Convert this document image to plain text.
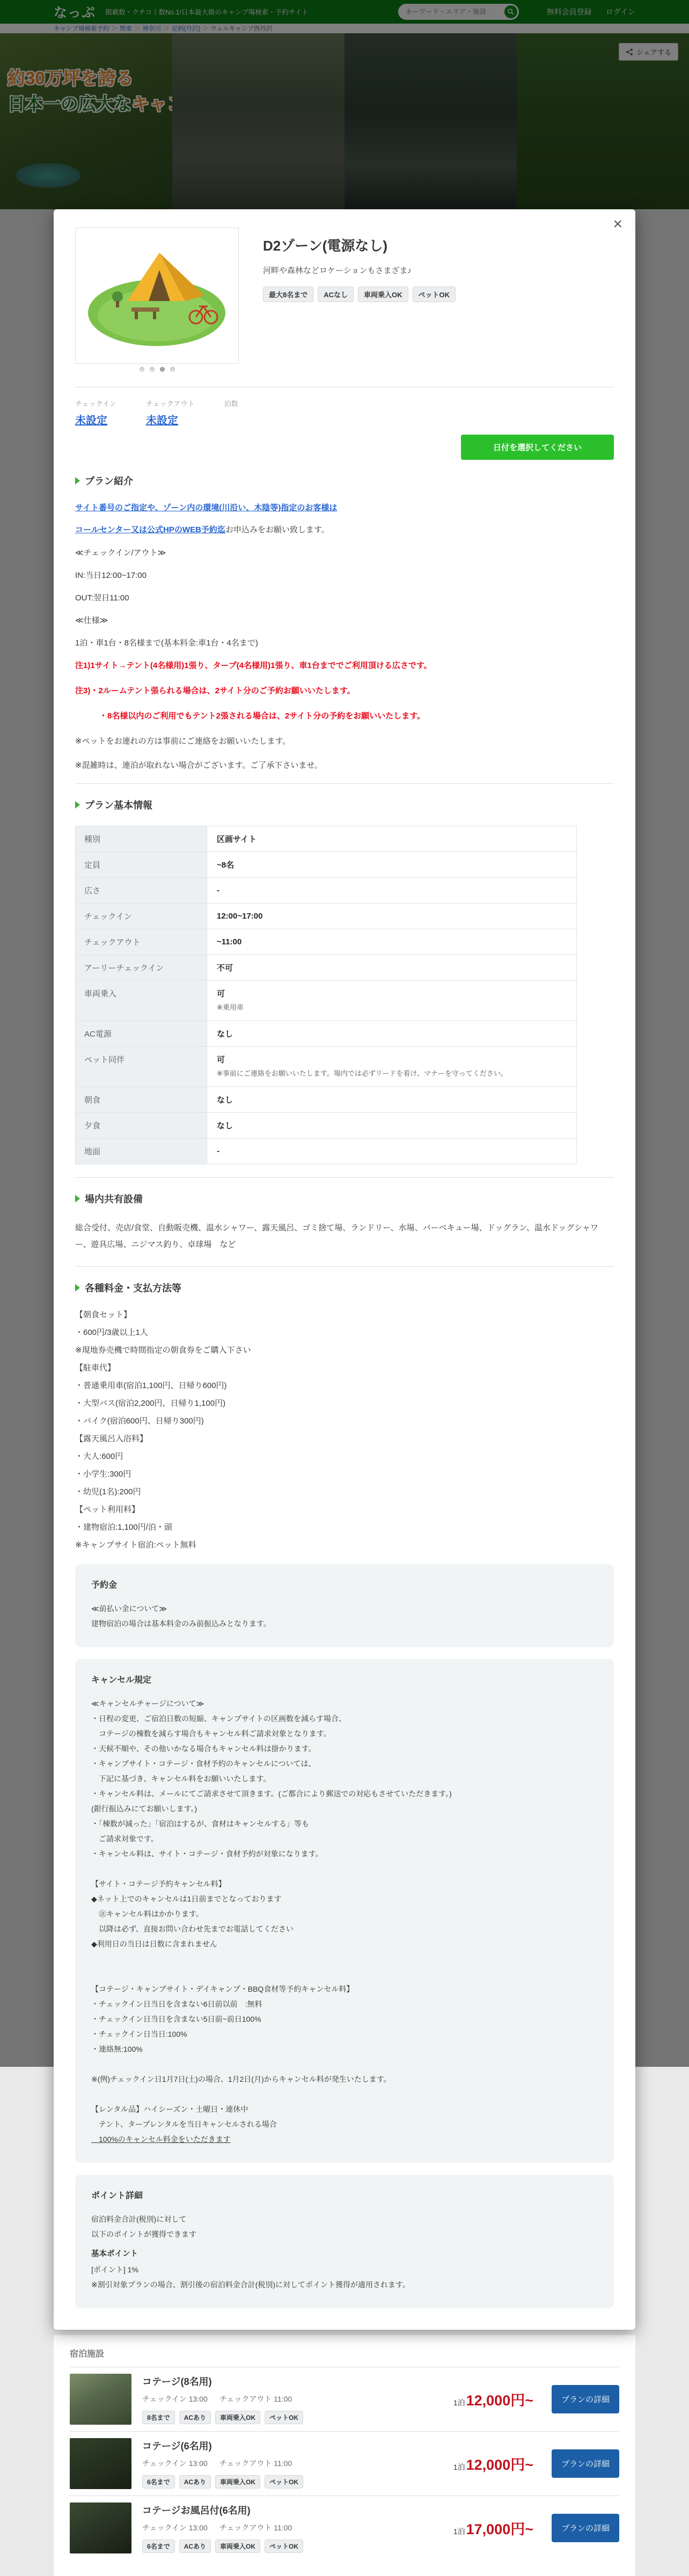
キーワード・エリア・施設

×
D2ゾーン(電源なし)

河畔や森林などロケーションもさまざま♪

最大8名まで	ACなし	車両乗入OK	ペットOK
チェックイン
未設定
チェックアウト
未設定
泊数

日付を選択してください
プラン紹介
サイト番号のご指定や、ゾーン内の環境(川沿い、木陰等)指定のお客様は

コールセンター又は公式HPのWEB予約迄お申込みをお願い致します。

≪チェックイン/アウト≫

IN:当日12:00~17:00

OUT:翌日11:00

≪仕様≫

1泊・車1台・8名様まで(基本料金:車1台・4名まで)

注1)1サイト→テント(4名様用)1張り、タープ(4名様用)1張り、車1台まででご利用頂ける広さです。

注3)・2ルームテント張られる場合は、2サイト分のご予約お願いいたします。

　　　・8名様以内のご利用でもテント2張される場合は、2サイト分の予約をお願いいたします。

※ペットをお連れの方は事前にご連絡をお願いいたします。

※混雑時は、連泊が取れない場合がございます。ご了承下さいませ。

プラン基本情報
種別	区画サイト

定員	~8名

広さ	-

チェックイン	12:00~17:00

チェックアウト	~11:00

アーリーチェックイン	不可

車両乗入	可
※乗用車

AC電源	なし

ペット同伴	可
※事前にご連絡をお願いいたします。場内では必ずリードを着け、マナーを守ってください。

朝食	なし

夕食	なし

地面	-
場内共有設備

総合受付、売店/食堂、自動販売機、温水シャワー、露天風呂、ゴミ捨て場、ランドリー、水場、バーベキュー場、ドッグラン、温水ドッグシャワー、遊具広場、ニジマス釣り、卓球場　など

各種料金・支払方法等

【朝食セット】

・600円/3歳以上1人

※現地券売機で時間指定の朝食券をご購入下さい

【駐車代】

・普通乗用車(宿泊1,100円、日帰り600円)

・大型バス(宿泊2,200円、日帰り1,100円)

・バイク(宿泊600円、日帰り300円)

【露天風呂入浴料】

・大人:600円

・小学生:300円

・幼児(1名):200円

【ペット利用料】

・建物宿泊:1,100円/泊・頭

※キャンプサイト宿泊:ペット無料

予約金

≪前払い金について≫

建物宿泊の場合は基本料金のみ前振込みとなります。

キャンセル規定

≪キャンセルチャージについて≫

・日程の変更、ご宿泊日数の短縮、キャンプサイトの区画数を減らす場合、

　コテージの棟数を減らす場合もキャンセル料ご請求対象となります。

・天候不順や、その他いかなる場合もキャンセル料は掛かります。

・キャンプサイト・コテージ・食材予約のキャンセルについては、

　下記に基づき、キャンセル料をお願いいたします。

・キャンセル料は、メールにてご請求させて頂きます。(ご都合により郵送での対応もさせていただきます。)

(銀行振込みにてお願いします。)

・「棟数が減った」「宿泊はするが、食材はキャンセルする」等も

　ご請求対象です。

・キャンセル料は、サイト・コテージ・食材予約が対象になります。

【サイト・コテージ予約キャンセル料】

◆ネット上でのキャンセルは1日前までとなっております

　㊟キャンセル料はかかります。

　以降は必ず、直接お問い合わせ先までお電話してください

◆利用日の当日は日数に含まれません

【コテージ・キャンプサイト・デイキャンプ・BBQ食材等予約キャンセル料】

・チェックイン日当日を含まない6日前以前　:無料

・チェックイン日当日を含まない5日前~前日100%

・チェックイン日当日:100%

・連絡無:100%

※(例)チェックイン日1月7日(土)の場合、1月2日(月)からキャンセル料が発生いたします。

【レンタル品】ハイシーズン・土曜日・連休中

　テント、タープレンタルを当日キャンセルされる場合

　100%のキャンセル料金をいただきます

ポイント詳細

宿泊料金合計(税別)に対して

以下のポイントが獲得できます

基本ポイント

[ポイント] 1%

※割引対象プランの場合、割引後の宿泊料金合計(税別)に対してポイント獲得が適用されます。

宿泊施設
コテージ(8名用)
チェックイン 13:00 チェックアウト 11:00
8名まで	ACあり	車両乗入OK	ペットOK
1泊 12,000円~	プランの詳細
コテージ(6名用)
チェックイン 13:00 チェックアウト 11:00
6名まで	ACあり	車両乗入OK	ペットOK
1泊 12,000円~	プランの詳細
コテージお風呂付(6名用)
チェックイン 13:00 チェックアウト 11:00
6名まで	ACあり	車両乗入OK	ペットOK
1泊 17,000円~	プランの詳細
